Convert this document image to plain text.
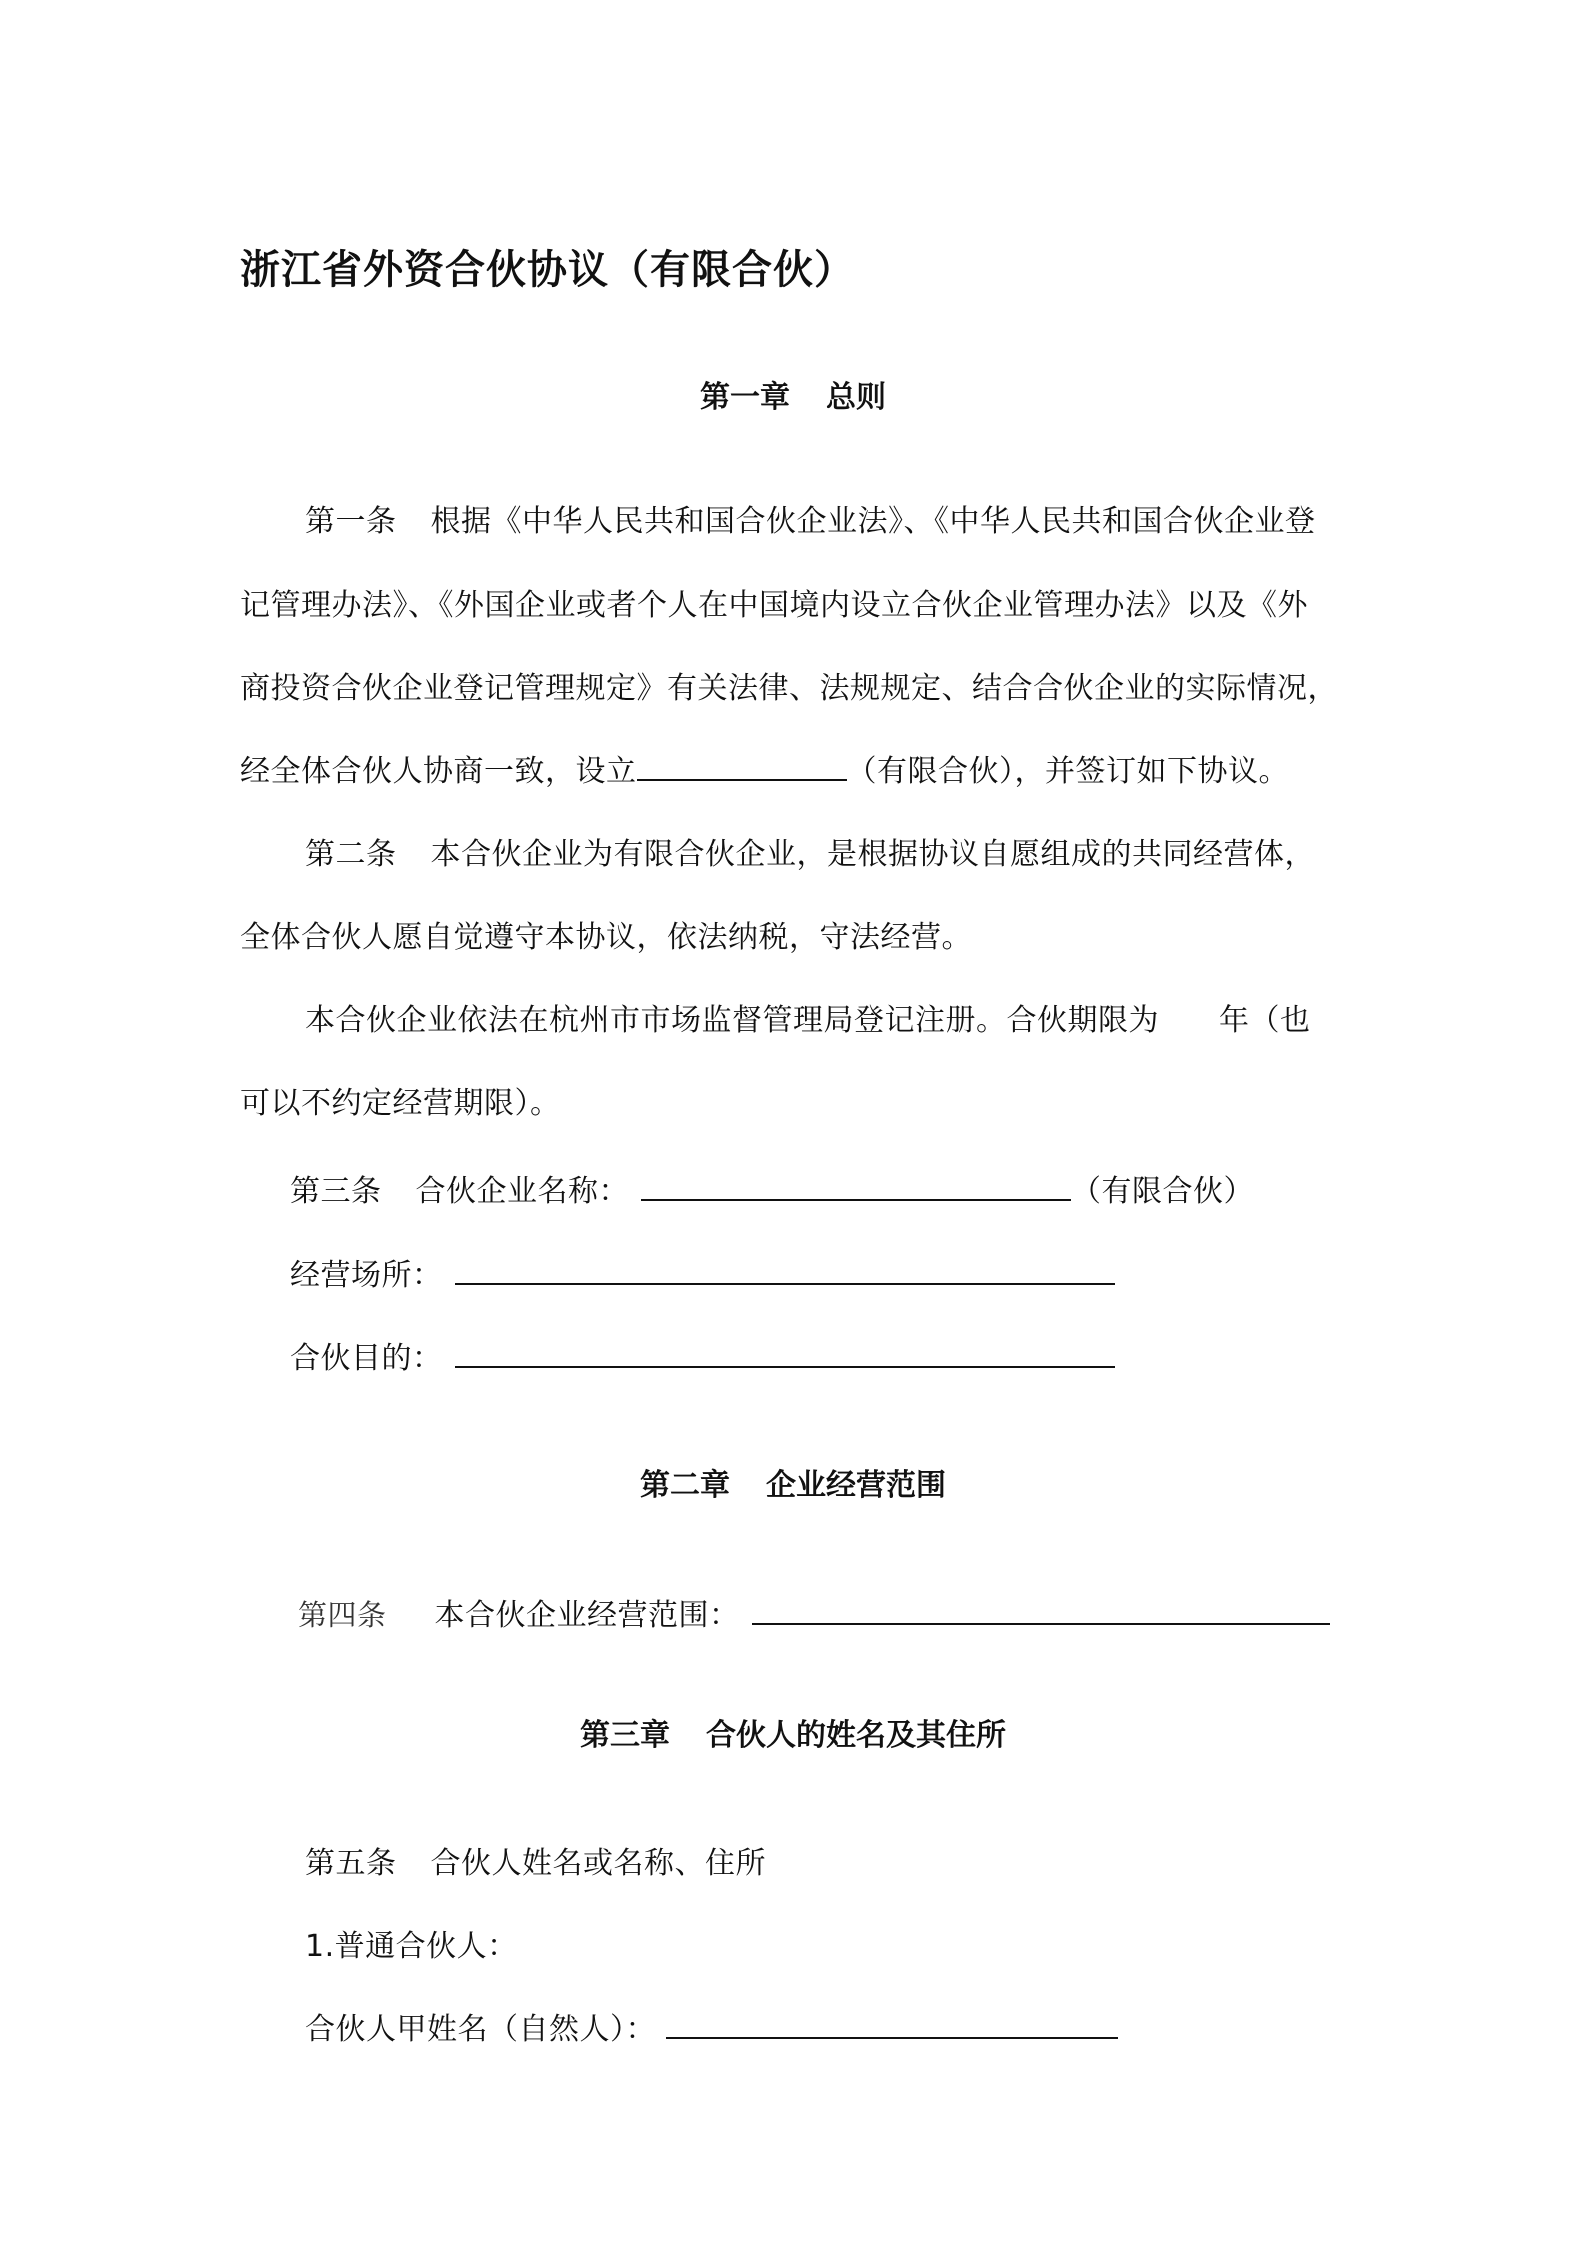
浙江省外资合伙协议（有限合伙）
第一章 总则
第一条 根据《中华人民共和国合伙企业法》、《中华人民共和国合伙企业登
记管理办法》、《外国企业或者个人在中国境内设立合伙企业管理办法》以及《外
商投资合伙企业登记管理规定》有关法律、法规规定、结合合伙企业的实际情况，
经全体合伙人协商一致，设立	（有限合伙），并签订如下协议。
第二条 本合伙企业为有限合伙企业，是根据协议自愿组成的共同经营体，
全体合伙人愿自觉遵守本协议，依法纳税，守法经营。
本合伙企业依法在杭州市市场监督管理局登记注册。合伙期限为 年（也
可以不约定经营期限）。
第三条 合伙企业名称：	（有限合伙）
经营场所：
合伙目的：
第二章 企业经营范围
第四条 本合伙企业经营范围：
第三章 合伙人的姓名及其住所
第五条 合伙人姓名或名称、住所
1.普通合伙人：
合伙人甲姓名（自然人）：
